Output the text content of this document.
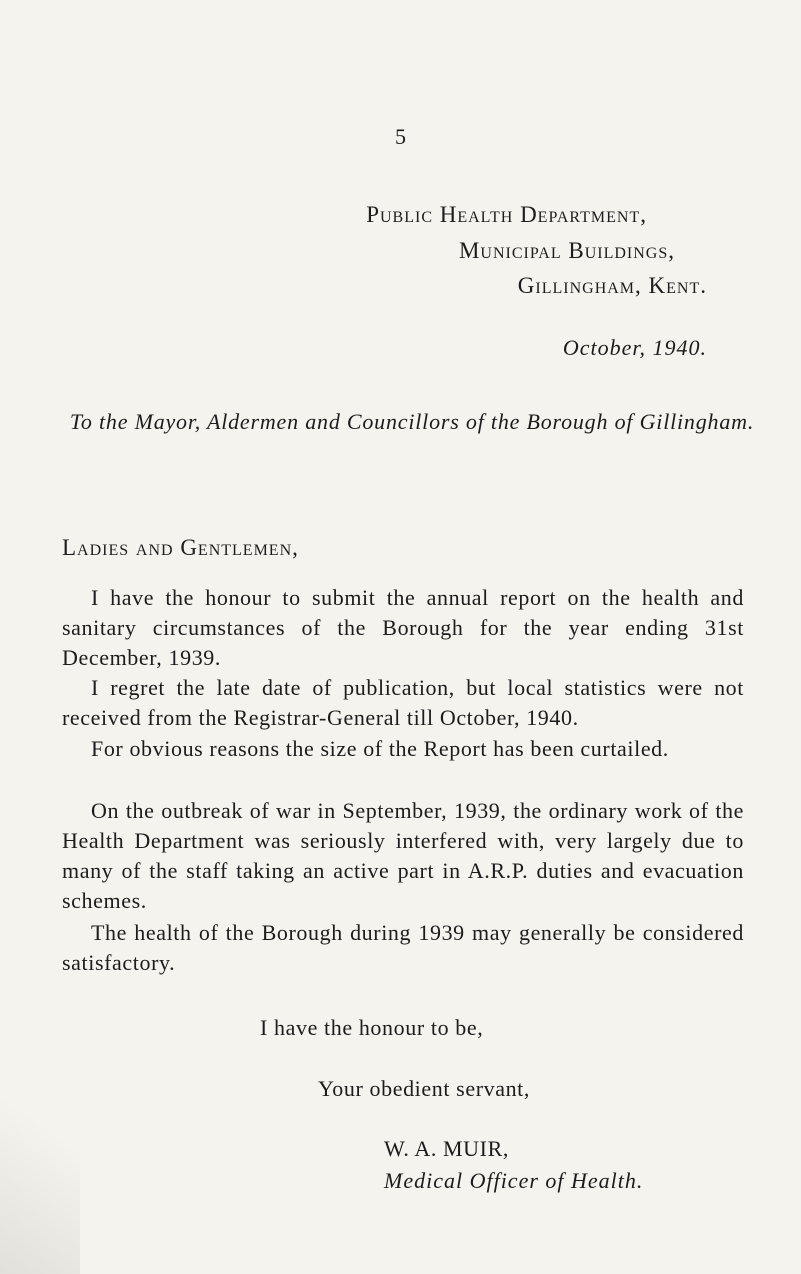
5
Public Health Department,
Municipal Buildings,
Gillingham, Kent.
October, 1940.
To the Mayor, Aldermen and Councillors of the Borough of Gillingham.
Ladies and Gentlemen,

I have the honour to submit the annual report on the health and sanitary circumstances of the Borough for the year ending 31st December, 1939.

I regret the late date of publication, but local statistics were not received from the Registrar-General till October, 1940.

For obvious reasons the size of the Report has been curtailed.

On the outbreak of war in September, 1939, the ordinary work of the Health Department was seriously interfered with, very largely due to many of the staff taking an active part in A.R.P. duties and evacuation schemes.

The health of the Borough during 1939 may generally be considered satisfactory.

I have the honour to be,
Your obedient servant,
W. A. MUIR,
Medical Officer of Health.
